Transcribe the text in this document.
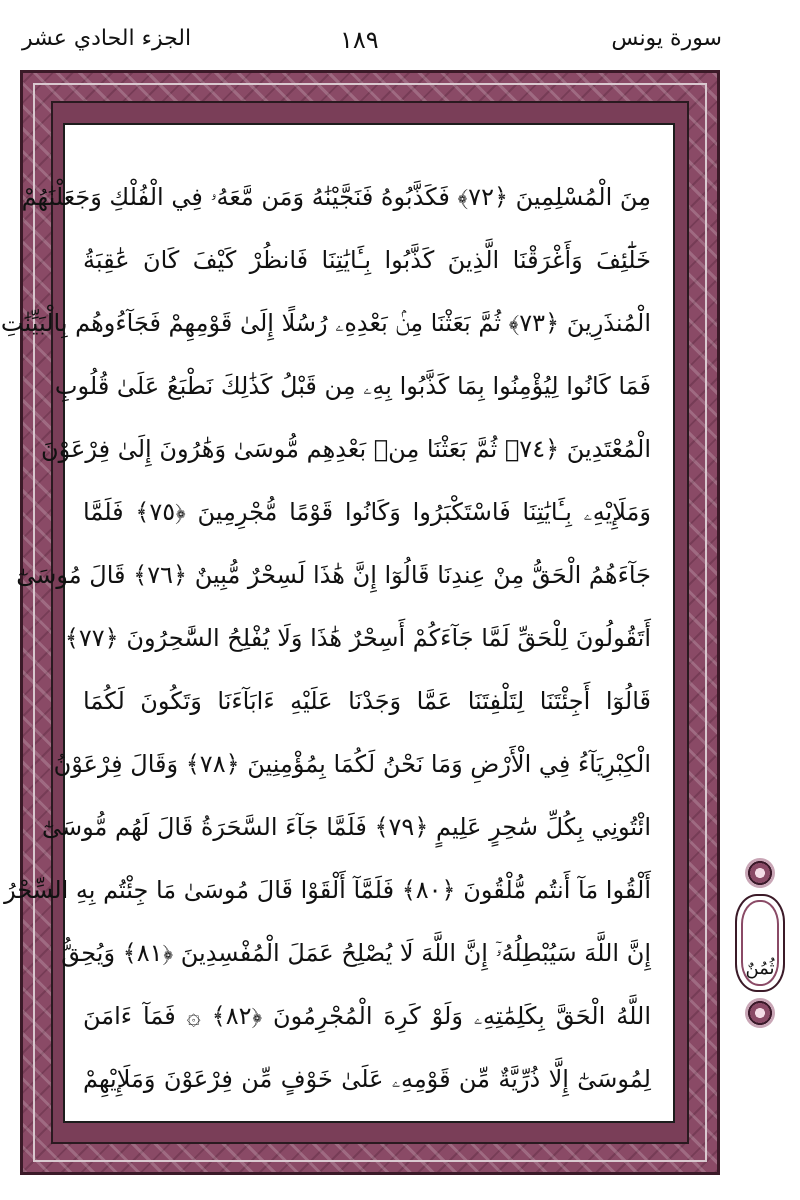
سورة يونس
١٨٩
الجزء الحادي عشر
مِنَ الْمُسْلِمِينَ ﴿٧٢﴾ فَكَذَّبُوهُ فَنَجَّيْنَٰهُ وَمَن مَّعَهُۥ فِي الْفُلْكِ وَجَعَلْنَٰهُمْ
خَلَٰٓئِفَ وَأَغْرَقْنَا الَّذِينَ كَذَّبُوا بِـَٔايَٰتِنَا فَانظُرْ كَيْفَ كَانَ عَٰقِبَةُ
الْمُنذَرِينَ ﴿٧٣﴾ ثُمَّ بَعَثْنَا مِنۢ بَعْدِهِۦ رُسُلًا إِلَىٰ قَوْمِهِمْ فَجَآءُوهُم بِالْبَيِّنَٰتِ
فَمَا كَانُوا لِيُؤْمِنُوا بِمَا كَذَّبُوا بِهِۦ مِن قَبْلُ كَذَٰلِكَ نَطْبَعُ عَلَىٰ قُلُوبِ
الْمُعْتَدِينَ ﴿٧٤﴾ ثُمَّ بَعَثْنَا مِنۢ بَعْدِهِم مُّوسَىٰ وَهَٰرُونَ إِلَىٰ فِرْعَوْنَ
وَمَلَإِيْهِۦ بِـَٔايَٰتِنَا فَاسْتَكْبَرُوا وَكَانُوا قَوْمًا مُّجْرِمِينَ ﴿٧٥﴾ فَلَمَّا
جَآءَهُمُ الْحَقُّ مِنْ عِندِنَا قَالُوٓا إِنَّ هَٰذَا لَسِحْرٌ مُّبِينٌ ﴿٧٦﴾ قَالَ مُوسَىٰٓ
أَتَقُولُونَ لِلْحَقِّ لَمَّا جَآءَكُمْ أَسِحْرٌ هَٰذَا وَلَا يُفْلِحُ السَّٰحِرُونَ ﴿٧٧﴾
قَالُوٓا أَجِئْتَنَا لِتَلْفِتَنَا عَمَّا وَجَدْنَا عَلَيْهِ ءَابَآءَنَا وَتَكُونَ لَكُمَا
الْكِبْرِيَآءُ فِي الْأَرْضِ وَمَا نَحْنُ لَكُمَا بِمُؤْمِنِينَ ﴿٧٨﴾ وَقَالَ فِرْعَوْنُ
ائْتُونِي بِكُلِّ سَٰحِرٍ عَلِيمٍ ﴿٧٩﴾ فَلَمَّا جَآءَ السَّحَرَةُ قَالَ لَهُم مُّوسَىٰٓ
أَلْقُوا مَآ أَنتُم مُّلْقُونَ ﴿٨٠﴾ فَلَمَّآ أَلْقَوْا قَالَ مُوسَىٰ مَا جِئْتُم بِهِ السِّحْرُ
إِنَّ اللَّهَ سَيُبْطِلُهُۥٓ إِنَّ اللَّهَ لَا يُصْلِحُ عَمَلَ الْمُفْسِدِينَ ﴿٨١﴾ وَيُحِقُّ
اللَّهُ الْحَقَّ بِكَلِمَٰتِهِۦ وَلَوْ كَرِهَ الْمُجْرِمُونَ ﴿٨٢﴾ ۞ فَمَآ ءَامَنَ
لِمُوسَىٰٓ إِلَّا ذُرِّيَّةٌ مِّن قَوْمِهِۦ عَلَىٰ خَوْفٍ مِّن فِرْعَوْنَ وَمَلَإِيْهِمْ
ثُمُنٌ
